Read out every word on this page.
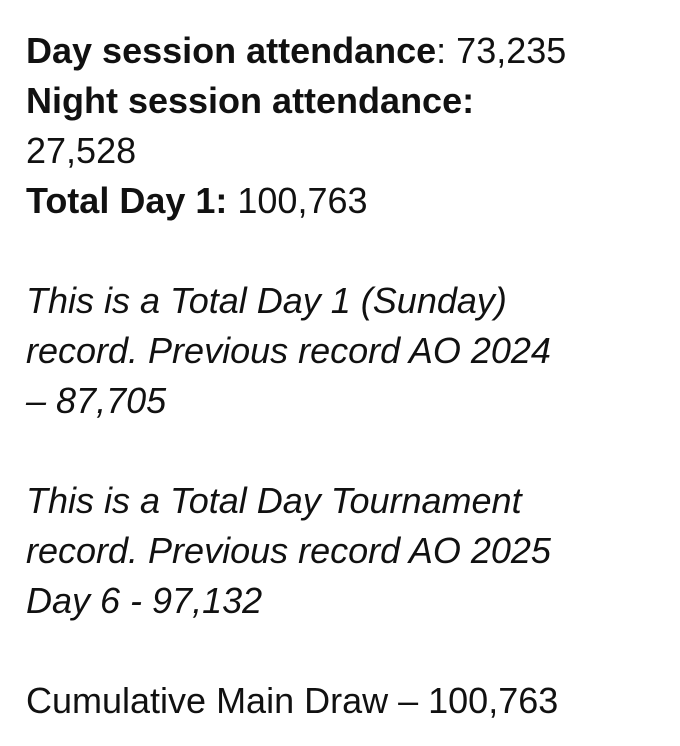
Day session attendance: 73,235
Night session attendance:
27,528
Total Day 1: 100,763
This is a Total Day 1 (Sunday)
record. Previous record AO 2024
– 87,705
This is a Total Day Tournament
record. Previous record AO 2025
Day 6 - 97,132
Cumulative Main Draw – 100,763
